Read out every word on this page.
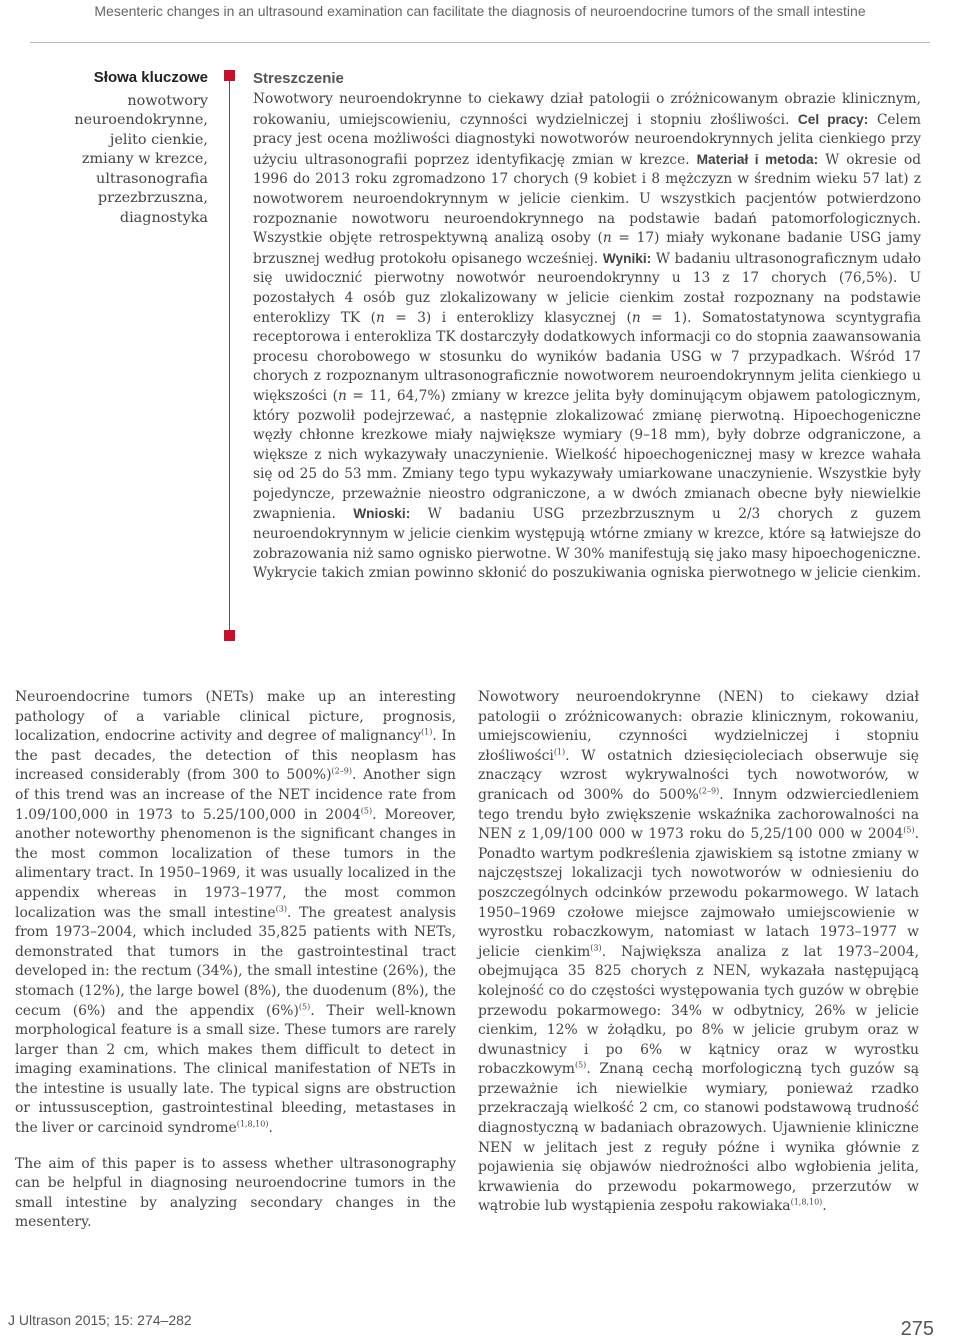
Mesenteric changes in an ultrasound examination can facilitate the diagnosis of neuroendocrine tumors of the small intestine
Słowa kluczowe
nowotwory
neuroendokrynne,
jelito cienkie,
zmiany w krezce,
ultrasonografia
przezbrzuszna,
diagnostyka
Streszczenie
Nowotwory neuroendokrynne to ciekawy dział patologii o zróżnicowanym obrazie klinicznym, rokowaniu, umiejscowieniu, czynności wydzielniczej i stopniu złośliwości. Cel pracy: Celem pracy jest ocena możliwości diagnostyki nowotworów neuroendokrynnych jelita cienkiego przy użyciu ultrasonografii poprzez identyfikację zmian w krezce. Materiał i metoda: W okresie od 1996 do 2013 roku zgromadzono 17 chorych (9 kobiet i 8 mężczyzn w średnim wieku 57 lat) z nowotworem neuroendokrynnym w jelicie cienkim. U wszystkich pacjentów potwierdzono rozpoznanie nowotworu neuroendokrynnego na podstawie badań patomorfologicznych. Wszystkie objęte retrospektywną analizą osoby (n = 17) miały wykonane badanie USG jamy brzusznej według protokołu opisanego wcześniej. Wyniki: W badaniu ultrasonograficznym udało się uwidocznić pierwotny nowotwór neuroendokrynny u 13 z 17 chorych (76,5%). U pozostałych 4 osób guz zlokalizowany w jelicie cienkim został rozpoznany na podstawie enteroklizy TK (n = 3) i enteroklizy klasycznej (n = 1). Somatostatynowa scyntygrafia receptorowa i enterokliza TK dostarczyły dodatkowych informacji co do stopnia zaawansowania procesu chorobowego w stosunku do wyników badania USG w 7 przypadkach. Wśród 17 chorych z rozpoznanym ultrasonograficznie nowotworem neuroendokrynnym jelita cienkiego u większości (n = 11, 64,7%) zmiany w krezce jelita były dominującym objawem patologicznym, który pozwolił podejrzewać, a następnie zlokalizować zmianę pierwotną. Hipoechogeniczne węzły chłonne krezkowe miały największe wymiary (9–18 mm), były dobrze odgraniczone, a większe z nich wykazywały unaczynienie. Wielkość hipoechogenicznej masy w krezce wahała się od 25 do 53 mm. Zmiany tego typu wykazywały umiarkowane unaczynienie. Wszystkie były pojedyncze, przeważnie nieostro odgraniczone, a w dwóch zmianach obecne były niewielkie zwapnienia. Wnioski: W badaniu USG przezbrzusznym u 2/3 chorych z guzem neuroendokrynnym w jelicie cienkim występują wtórne zmiany w krezce, które są łatwiejsze do zobrazowania niż samo ognisko pierwotne. W 30% manifestują się jako masy hipoechogeniczne. Wykrycie takich zmian powinno skłonić do poszukiwania ogniska pierwotnego w jelicie cienkim.

Neuroendocrine tumors (NETs) make up an interesting pathology of a variable clinical picture, prognosis, localization, endocrine activity and degree of malignancy$^{(1)}$. In the past decades, the detection of this neoplasm has increased considerably (from 300 to 500%)$^{(2-9)}$. Another sign of this trend was an increase of the NET incidence rate from 1.09/100,000 in 1973 to 5.25/100,000 in 2004$^{(5)}$. Moreover, another noteworthy phenomenon is the significant changes in the most common localization of these tumors in the alimentary tract. In 1950–1969, it was usually localized in the appendix whereas in 1973–1977, the most common localization was the small intestine$^{(3)}$. The greatest analysis from 1973–2004, which included 35,825 patients with NETs, demonstrated that tumors in the gastrointestinal tract developed in: the rectum (34%), the small intestine (26%), the stomach (12%), the large bowel (8%), the duodenum (8%), the cecum (6%) and the appendix $(6\%)^{(5)}$. Their well-known morphological feature is a small size. These tumors are rarely larger than 2 cm, which makes them difficult to detect in imaging examinations. The clinical manifestation of NETs in the intestine is usually late. The typical signs are obstruction or intussusception, gastrointestinal bleeding, metastases in the liver or carcinoid syndrome$^{(1,8,10)}$.

The aim of this paper is to assess whether ultrasonography can be helpful in diagnosing neuroendocrine tumors in the small intestine by analyzing secondary changes in the mesentery.

Nowotwory neuroendokrynne (NEN) to ciekawy dział patologii o zróżnicowanych: obrazie klinicznym, rokowaniu, umiejscowieniu, czynności wydzielniczej i stopniu złośliwości$^{(1)}$. W ostatnich dziesięcioleciach obserwuje się znaczący wzrost wykrywalności tych nowotworów, w granicach od 300% do 500%$^{(2-9)}$. Innym odzwierciedleniem tego trendu było zwiększenie wskaźnika zachorowalności na NEN z 1,09/100 000 w 1973 roku do 5,25/100 000 w 2004$^{(5)}$. Ponadto wartym podkreślenia zjawiskiem są istotne zmiany w najczęstszej lokalizacji tych nowotworów w odniesieniu do poszczególnych odcinków przewodu pokarmowego. W latach 1950–1969 czołowe miejsce zajmowało umiejscowienie w wyrostku robaczkowym, natomiast w latach 1973–1977 w jelicie cienkim$^{(3)}$. Największa analiza z lat 1973–2004, obejmująca 35 825 chorych z NEN, wykazała następującą kolejność co do częstości występowania tych guzów w obrębie przewodu pokarmowego: 34% w odbytnicy, 26% w jelicie cienkim, 12% w żołądku, po 8% w jelicie grubym oraz w dwunastnicy i po 6% w kątnicy oraz w wyrostku robaczkowym$^{(5)}$. Znaną cechą morfologiczną tych guzów są przeważnie ich niewielkie wymiary, ponieważ rzadko przekraczają wielkość 2 cm, co stanowi podstawową trudność diagnostyczną w badaniach obrazowych. Ujawnienie kliniczne NEN w jelitach jest z reguły późne i wynika głównie z pojawienia się objawów niedrożności albo wgłobienia jelita, krwawienia do przewodu pokarmowego, przerzutów w wątrobie lub wystąpienia zespołu rakowiaka$^{(1,8,10)}$.

J Ultrason 2015; 15: 274–282	275
